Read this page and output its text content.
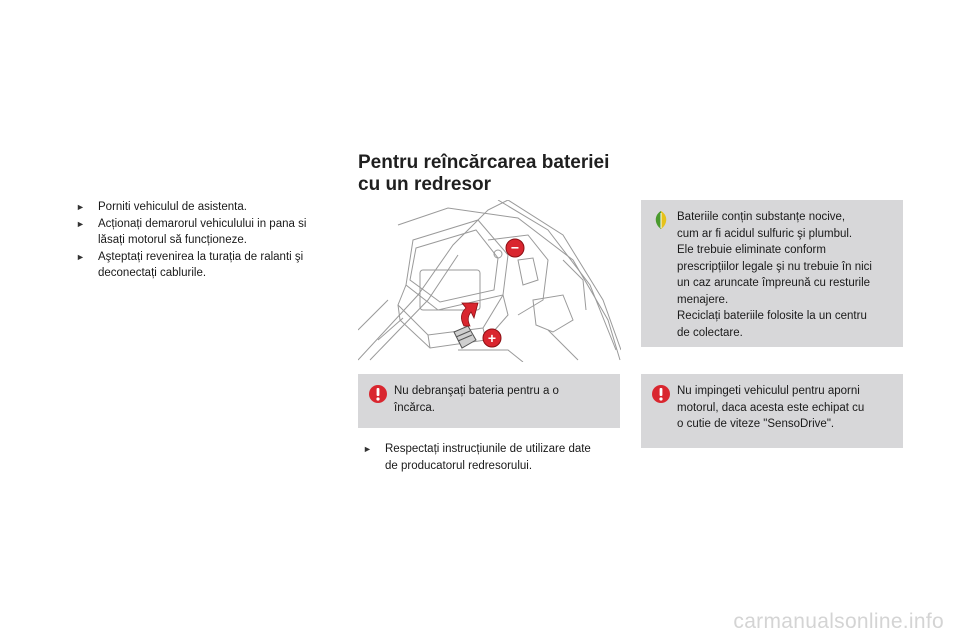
► Porniti vehiculul de asistenta.
► Acționați demarorul vehiculului in pana si
lăsați motorul să funcționeze.
► Aşteptați revenirea la turația de ralanti şi
deconectați cablurile.
Pentru reîncărcarea bateriei
cu un redresor
−
+
Nu debranşați bateria pentru a o
încărca.
Bateriile conțin substanțe nocive,
cum ar fi acidul sulfuric şi plumbul.
Ele trebuie eliminate conform
prescripțiilor legale şi nu trebuie în nici
un caz aruncate împreună cu resturile
menajere.
Reciclați bateriile folosite la un centru
de colectare.
Nu impingeti vehiculul pentru aporni
motorul, daca acesta este echipat cu
o cutie de viteze "SensoDrive".
► Respectați instrucțiunile de utilizare date
de producatorul redresorului.
carmanualsonline.info
